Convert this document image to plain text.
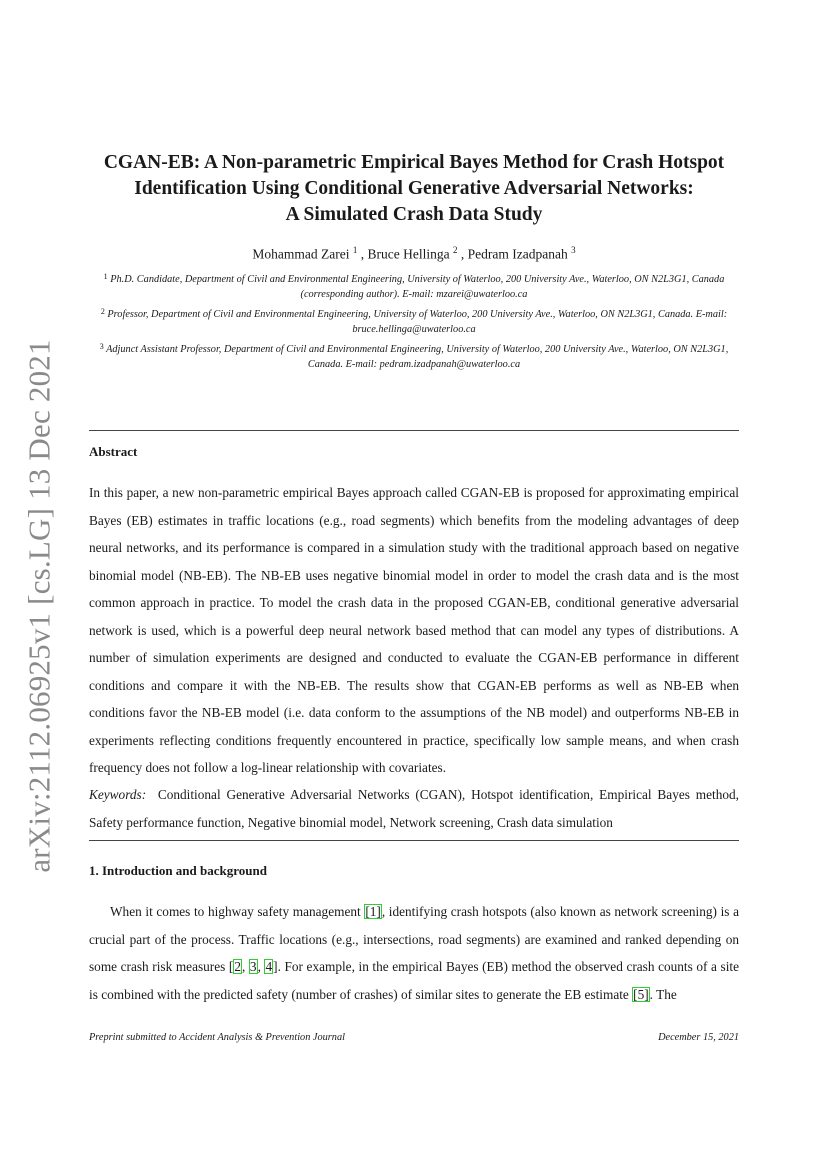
arXiv:2112.06925v1 [cs.LG] 13 Dec 2021
CGAN-EB: A Non-parametric Empirical Bayes Method for Crash Hotspot
Identification Using Conditional Generative Adversarial Networks:
A Simulated Crash Data Study
Mohammad Zarei $^1$ , Bruce Hellinga $^2$ , Pedram Izadpanah $^3$

$^1$ Ph.D. Candidate, Department of Civil and Environmental Engineering, University of Waterloo, 200 University Ave., Waterloo, ON N2L3G1, Canada (corresponding author). E-mail: mzarei@uwaterloo.ca

$^2$ Professor, Department of Civil and Environmental Engineering, University of Waterloo, 200 University Ave., Waterloo, ON N2L3G1, Canada. E-mail: bruce.hellinga@uwaterloo.ca

$^3$ Adjunct Assistant Professor, Department of Civil and Environmental Engineering, University of Waterloo, 200 University Ave., Waterloo, ON N2L3G1, Canada. E-mail: pedram.izadpanah@uwaterloo.ca

Abstract

In this paper, a new non-parametric empirical Bayes approach called CGAN-EB is proposed for approximating empirical Bayes (EB) estimates in traffic locations (e.g., road segments) which benefits from the modeling advantages of deep neural networks, and its performance is compared in a simulation study with the traditional approach based on negative binomial model (NB-EB). The NB-EB uses negative binomial model in order to model the crash data and is the most common approach in practice. To model the crash data in the proposed CGAN-EB, conditional generative adversarial network is used, which is a powerful deep neural network based method that can model any types of distributions. A number of simulation experiments are designed and conducted to evaluate the CGAN-EB performance in different conditions and compare it with the NB-EB. The results show that CGAN-EB performs as well as NB-EB when conditions favor the NB-EB model (i.e. data conform to the assumptions of the NB model) and outperforms NB-EB in experiments reflecting conditions frequently encountered in practice, specifically low sample means, and when crash frequency does not follow a log-linear relationship with covariates.

Keywords: Conditional Generative Adversarial Networks (CGAN), Hotspot identification, Empirical Bayes method, Safety performance function, Negative binomial model, Network screening, Crash data simulation

1. Introduction and background

When it comes to highway safety management [1], identifying crash hotspots (also known as network screening) is a crucial part of the process. Traffic locations (e.g., intersections, road segments) are examined and ranked depending on some crash risk measures [2, 3, 4]. For example, in the empirical Bayes (EB) method the observed crash counts of a site is combined with the predicted safety (number of crashes) of similar sites to generate the EB estimate [5]. The

Preprint submitted to Accident Analysis & Prevention Journal	December 15, 2021
